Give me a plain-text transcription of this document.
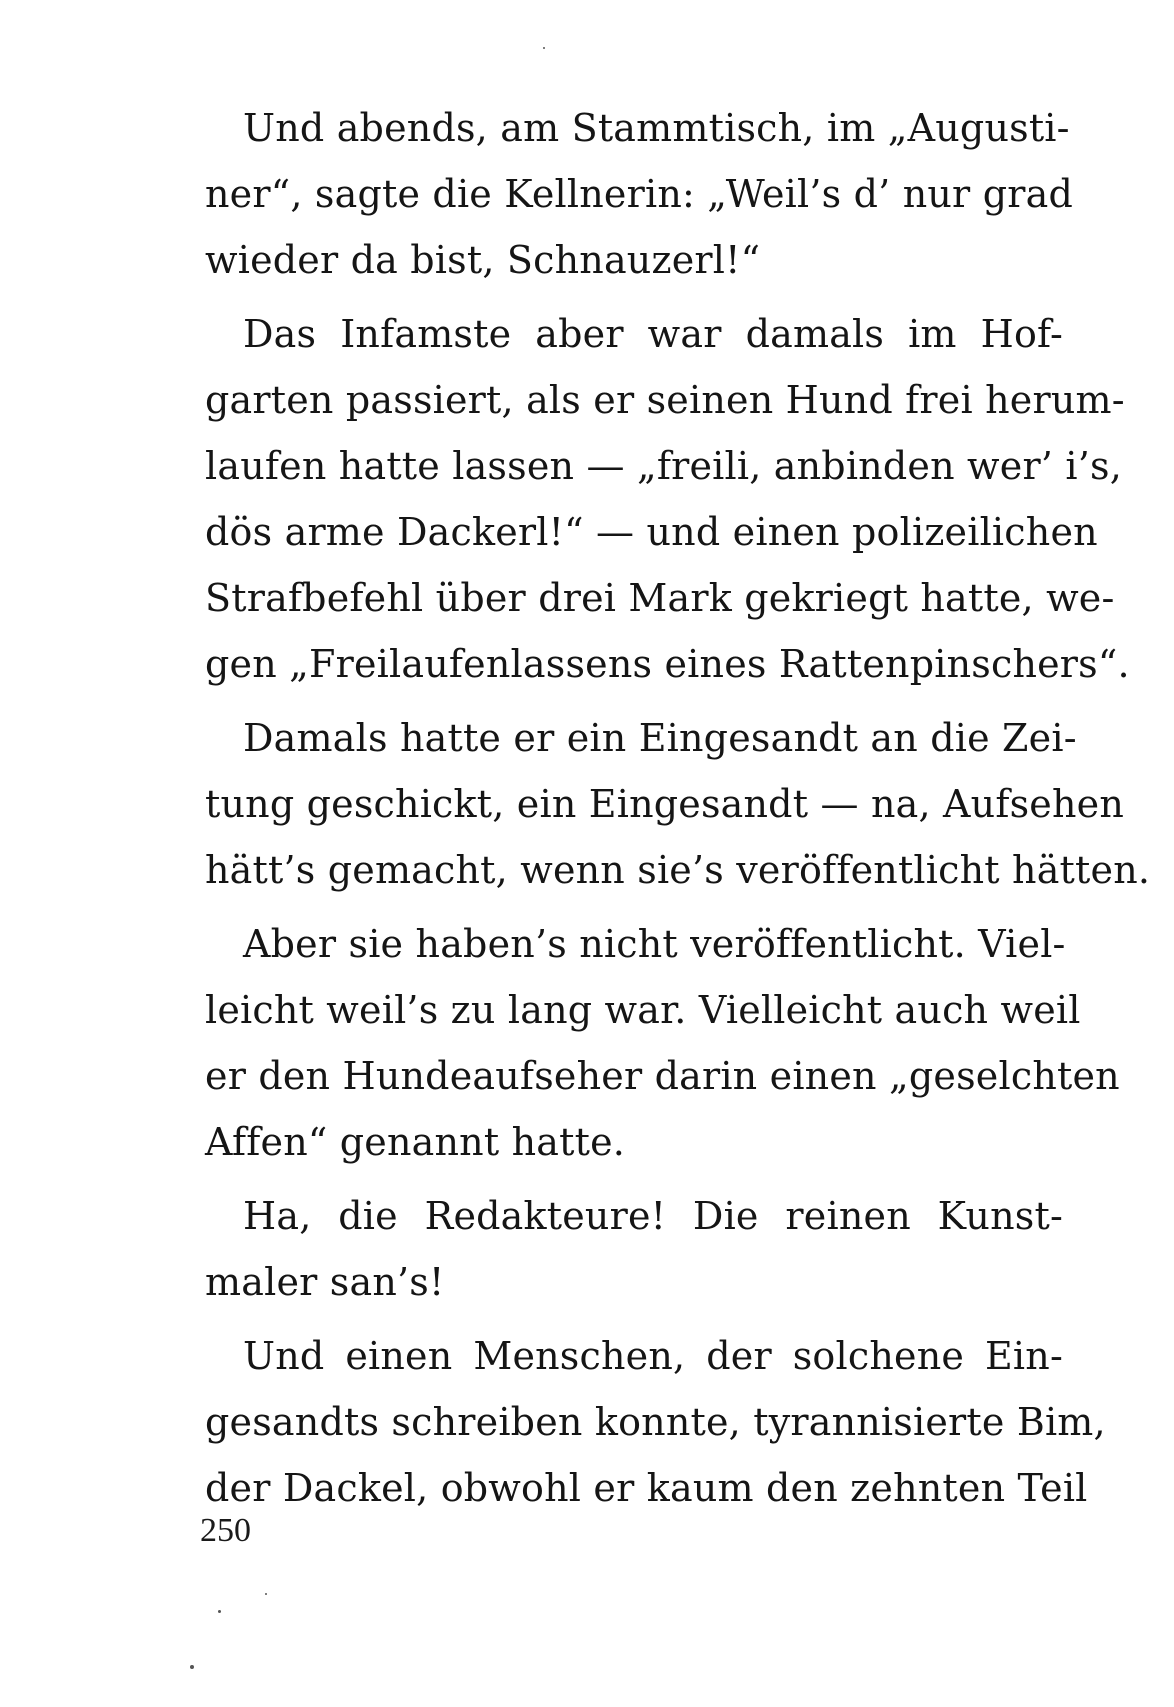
Und abends, am Stammtisch, im „Augusti-
ner“, sagte die Kellnerin: „Weil’s d’ nur grad
wieder da bist, Schnauzerl!“
Das Infamste aber war damals im Hof-
garten passiert, als er seinen Hund frei herum-
laufen hatte lassen — „freili, anbinden wer’ i’s,
dös arme Dackerl!“ — und einen polizeilichen
Strafbefehl über drei Mark gekriegt hatte, we-
gen „Freilaufenlassens eines Rattenpinschers“.
Damals hatte er ein Eingesandt an die Zei-
tung geschickt, ein Eingesandt — na, Aufsehen
hätt’s gemacht, wenn sie’s veröffentlicht hätten.
Aber sie haben’s nicht veröffentlicht. Viel-
leicht weil’s zu lang war. Vielleicht auch weil
er den Hundeaufseher darin einen „geselchten
Affen“ genannt hatte.
Ha, die Redakteure! Die reinen Kunst-
maler san’s!
Und einen Menschen, der solchene Ein-
gesandts schreiben konnte, tyrannisierte Bim,
der Dackel, obwohl er kaum den zehnten Teil
250
